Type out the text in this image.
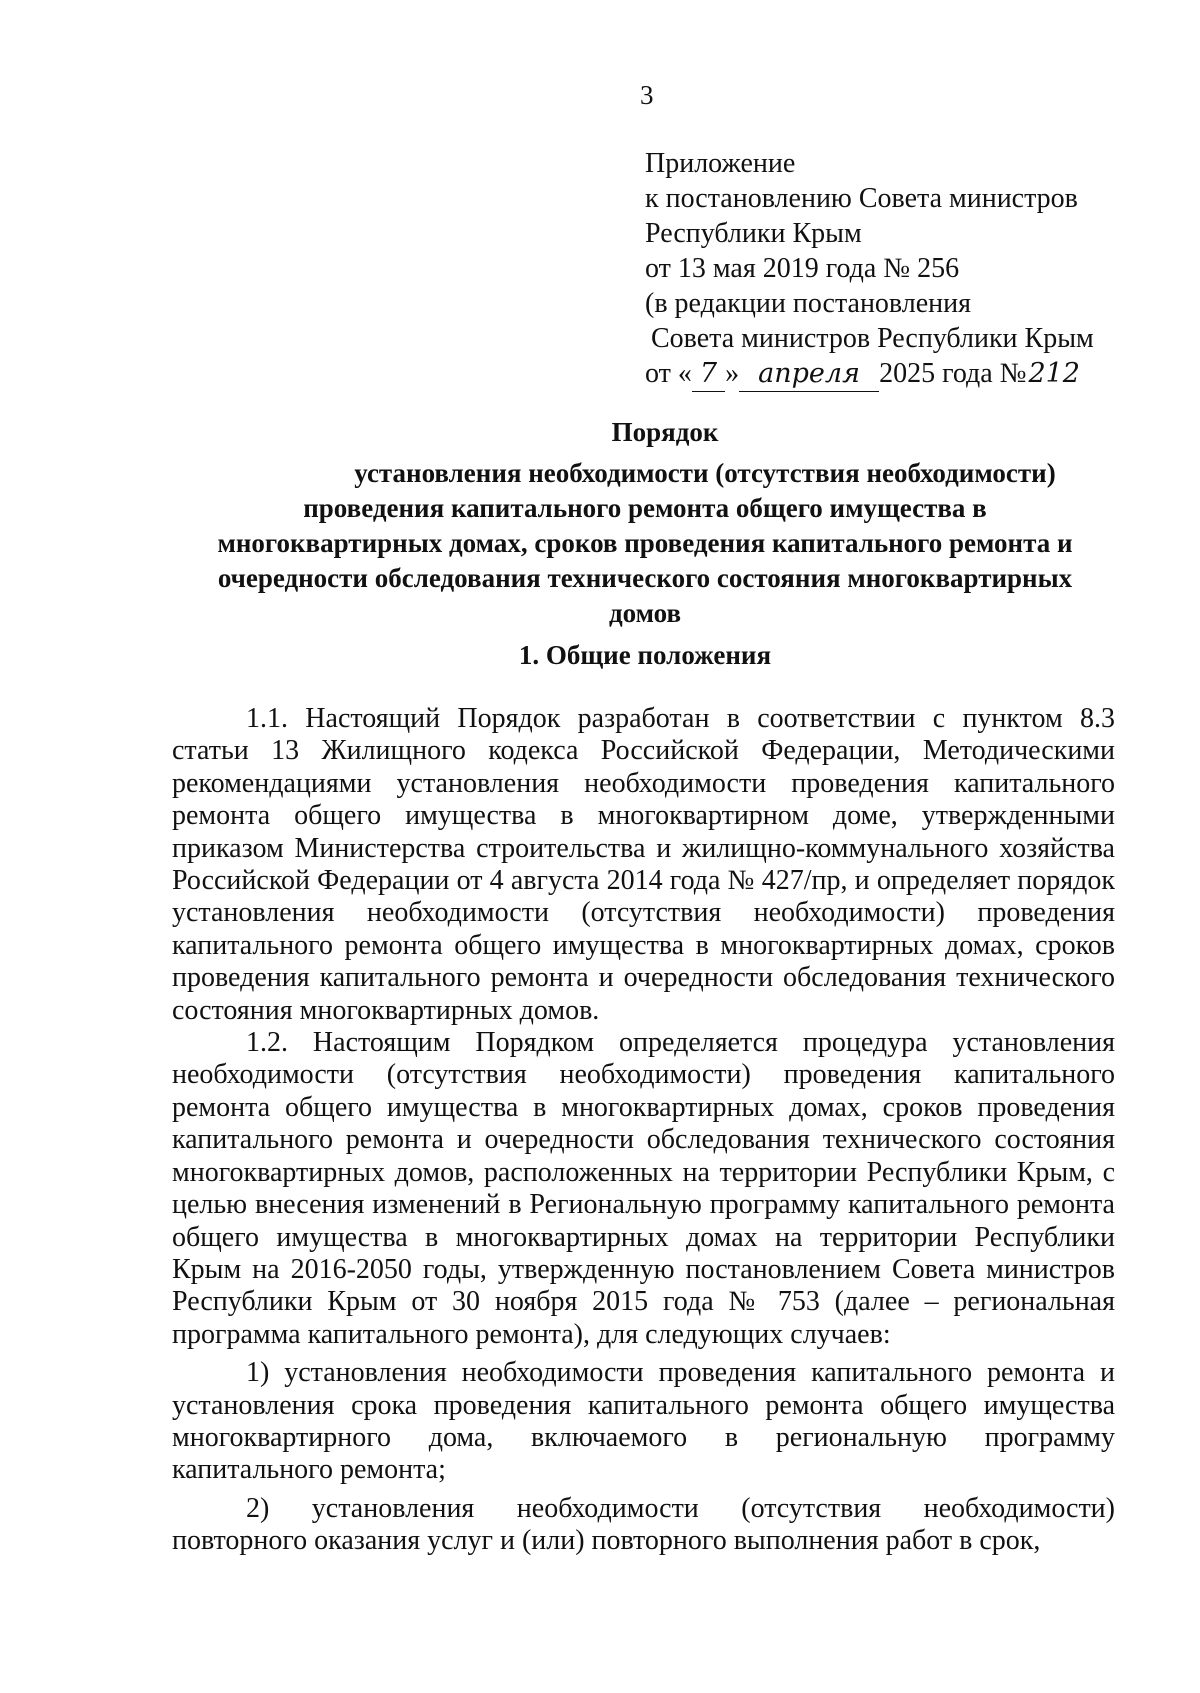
3
Приложение
к постановлению Совета министров
Республики Крым
от 13 мая 2019 года № 256
(в редакции постановления
Совета министров Республики Крым
от « 7 » апреля 2025 года №212
Порядок
установления необходимости (отсутствия необходимости)
проведения капитального ремонта общего имущества в
многоквартирных домах, сроков проведения капитального ремонта и
очередности обследования технического состояния многоквартирных
домов
1. Общие положения

1.1. Настоящий Порядок разработан в соответствии с пунктом 8.3 статьи 13 Жилищного кодекса Российской Федерации, Методическими рекомендациями установления необходимости проведения капитального ремонта общего имущества в многоквартирном доме, утвержденными приказом Министерства строительства и жилищно-коммунального хозяйства Российской Федерации от 4 августа 2014 года № 427/пр, и определяет порядок установления необходимости (отсутствия необходимости) проведения капитального ремонта общего имущества в многоквартирных домах, сроков проведения капитального ремонта и очередности обследования технического состояния многоквартирных домов.

1.2. Настоящим Порядком определяется процедура установления необходимости (отсутствия необходимости) проведения капитального ремонта общего имущества в многоквартирных домах, сроков проведения капитального ремонта и очередности обследования технического состояния многоквартирных домов, расположенных на территории Республики Крым, с целью внесения изменений в Региональную программу капитального ремонта общего имущества в многоквартирных домах на территории Республики Крым на 2016-2050 годы, утвержденную постановлением Совета министров Республики Крым от 30 ноября 2015 года № 753 (далее – региональная программа капитального ремонта), для следующих случаев:

1) установления необходимости проведения капитального ремонта и установления срока проведения капитального ремонта общего имущества многоквартирного дома, включаемого в региональную программу капитального ремонта;

2) установления необходимости (отсутствия необходимости) повторного оказания услуг и (или) повторного выполнения работ в срок,
